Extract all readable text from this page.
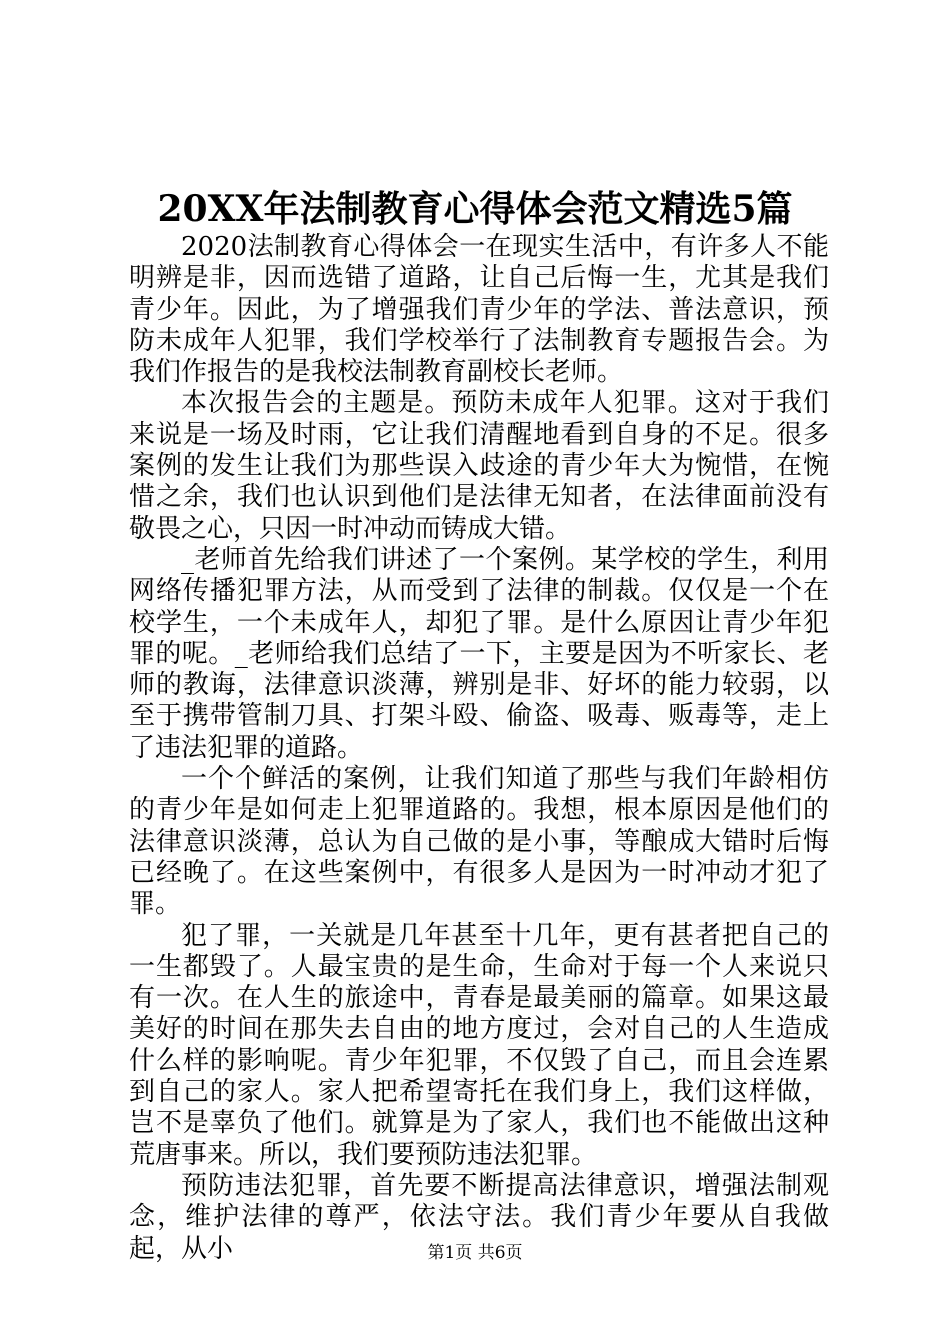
20XX年法制教育心得体会范文精选5篇

2020法制教育心得体会一在现实生活中，有许多人不能明辨是非，因而选错了道路，让自己后悔一生，尤其是我们青少年。因此，为了增强我们青少年的学法、普法意识，预防未成年人犯罪，我们学校举行了法制教育专题报告会。为我们作报告的是我校法制教育副校长老师。

本次报告会的主题是。预防未成年人犯罪。这对于我们来说是一场及时雨，它让我们清醒地看到自身的不足。很多案例的发生让我们为那些误入歧途的青少年大为惋惜，在惋惜之余，我们也认识到他们是法律无知者，在法律面前没有敬畏之心，只因一时冲动而铸成大错。

_老师首先给我们讲述了一个案例。某学校的学生，利用网络传播犯罪方法，从而受到了法律的制裁。仅仅是一个在校学生，一个未成年人，却犯了罪。是什么原因让青少年犯罪的呢。_老师给我们总结了一下，主要是因为不听家长、老师的教诲，法律意识淡薄，辨别是非、好坏的能力较弱，以至于携带管制刀具、打架斗殴、偷盗、吸毒、贩毒等，走上了违法犯罪的道路。

一个个鲜活的案例，让我们知道了那些与我们年龄相仿的青少年是如何走上犯罪道路的。我想，根本原因是他们的法律意识淡薄，总认为自己做的是小事，等酿成大错时后悔已经晚了。在这些案例中，有很多人是因为一时冲动才犯了罪。

犯了罪，一关就是几年甚至十几年，更有甚者把自己的一生都毁了。人最宝贵的是生命，生命对于每一个人来说只有一次。在人生的旅途中，青春是最美丽的篇章。如果这最美好的时间在那失去自由的地方度过，会对自己的人生造成什么样的影响呢。青少年犯罪，不仅毁了自己，而且会连累到自己的家人。家人把希望寄托在我们身上，我们这样做，岂不是辜负了他们。就算是为了家人，我们也不能做出这种荒唐事来。所以，我们要预防违法犯罪。

预防违法犯罪，首先要不断提高法律意识，增强法制观念，维护法律的尊严，依法守法。我们青少年要从自我做起，从小	第1页 共6页
